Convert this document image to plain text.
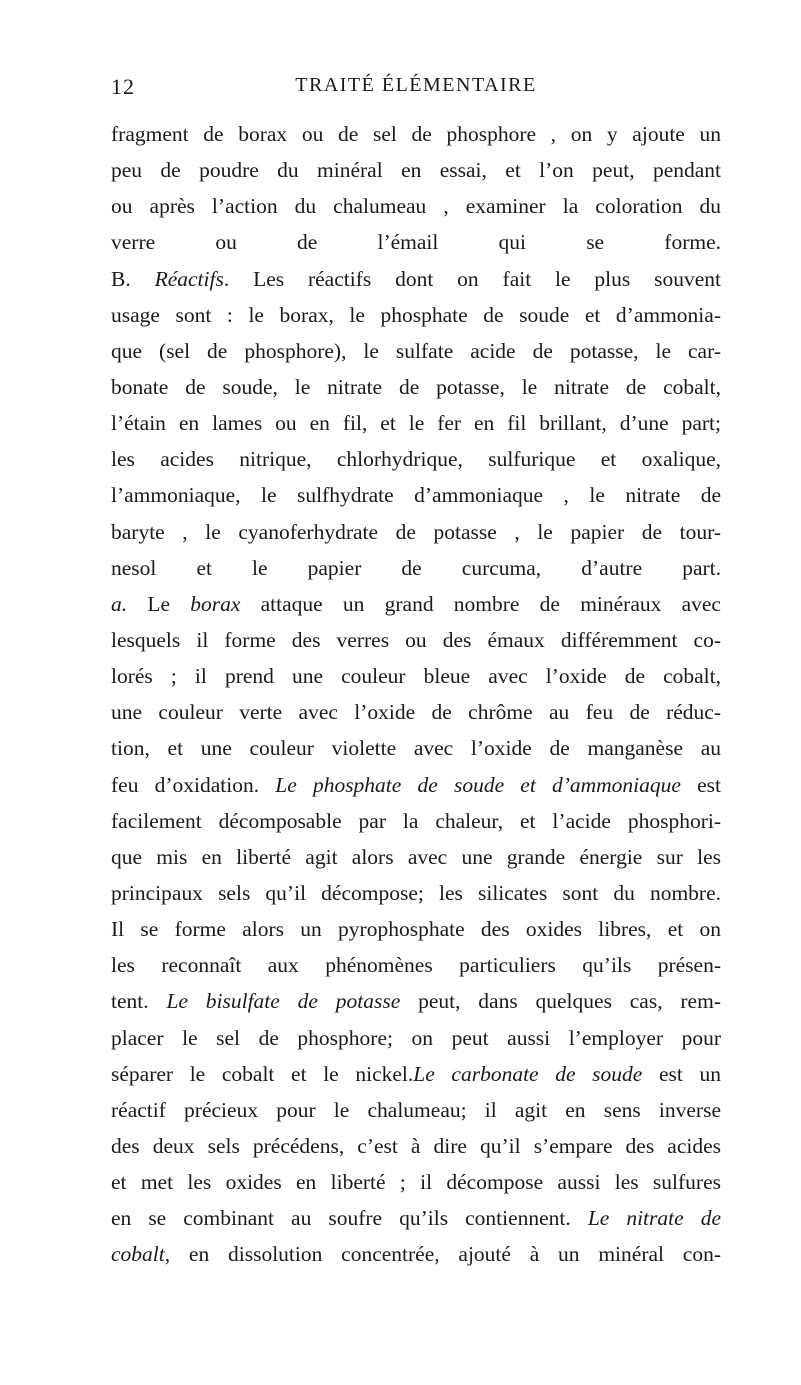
12	TRAITÉ ÉLÉMENTAIRE
fragment de borax ou de sel de phosphore , on y ajoute un
peu de poudre du minéral en essai, et l’on peut, pendant
ou après l’action du chalumeau , examiner la coloration du
verre ou de l’émail qui se forme.
B. Réactifs. Les réactifs dont on fait le plus souvent
usage sont : le borax, le phosphate de soude et d’ammonia-
que (sel de phosphore), le sulfate acide de potasse, le car-
bonate de soude, le nitrate de potasse, le nitrate de cobalt,
l’étain en lames ou en fil, et le fer en fil brillant, d’une part;
les acides nitrique, chlorhydrique, sulfurique et oxalique,
l’ammoniaque, le sulfhydrate d’ammoniaque , le nitrate de
baryte , le cyanoferhydrate de potasse , le papier de tour-
nesol et le papier de curcuma, d’autre part.
a. Le borax attaque un grand nombre de minéraux avec
lesquels il forme des verres ou des émaux différemment co-
lorés ; il prend une couleur bleue avec l’oxide de cobalt,
une couleur verte avec l’oxide de chrôme au feu de réduc-
tion, et une couleur violette avec l’oxide de manganèse au
feu d’oxidation. Le phosphate de soude et d’ammoniaque est
facilement décomposable par la chaleur, et l’acide phosphori-
que mis en liberté agit alors avec une grande énergie sur les
principaux sels qu’il décompose; les silicates sont du nombre.
Il se forme alors un pyrophosphate des oxides libres, et on
les reconnaît aux phénomènes particuliers qu’ils présen-
tent. Le bisulfate de potasse peut, dans quelques cas, rem-
placer le sel de phosphore; on peut aussi l’employer pour
séparer le cobalt et le nickel.Le carbonate de soude est un
réactif précieux pour le chalumeau; il agit en sens inverse
des deux sels précédens, c’est à dire qu’il s’empare des acides
et met les oxides en liberté ; il décompose aussi les sulfures
en se combinant au soufre qu’ils contiennent. Le nitrate de
cobalt, en dissolution concentrée, ajouté à un minéral con-
